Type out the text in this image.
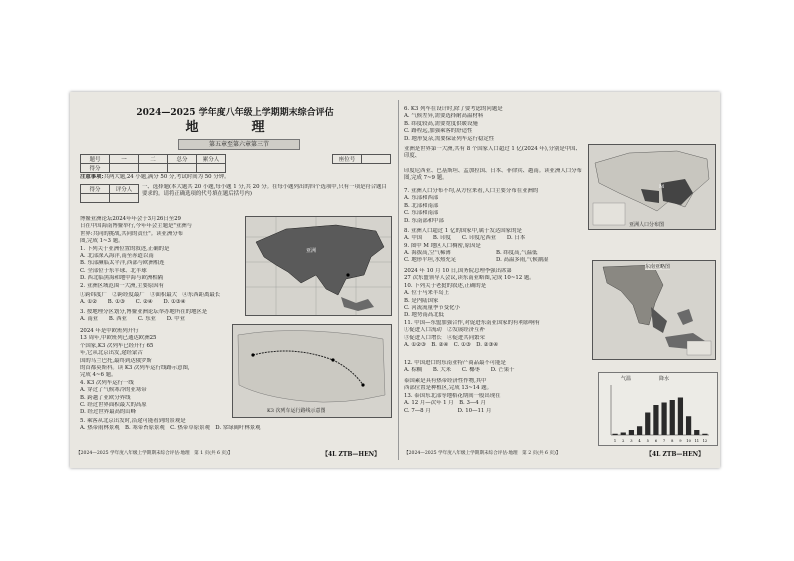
2024—2025 学年度八年级上学期期末综合评估
地　理
第五章至第六章第三节
题号	一	二	总分	累分人
得分				
座位号	
注意事项:共两大题,24 小题,满分 50 分,考试时间为 50 分钟。
得分	评分人
	一、选择题(本大题共 20 小题,每小题 1 分,共 20 分。在每小题列出的四个选项中,只有一项是符合题目要求的。请将正确选项的代号填在题后括号内)

博鳌亚洲论坛2024年年会于3月26日至29

日在中国海南博鳌举行,今年年会主题是"亚洲与

世界:共同的挑战,共同的责任"。读亚洲分布

图,完成 1~3 题。

1. 下列关于亚洲位置的叙述,正确的是

A. 北部深入海洋,南至赤道以南

B. 东部濒临太平洋,西部与欧洲相连

C. 全部位于东半球、北半球

D. 西北临黑海和地中海与欧洲相隔

2. 亚洲区域范围一大洲,主要原因有

亚洲

①跨纬度广　②跨经度最广　③面积最大　④东西距离最长

A. ①②　　B. ①③　　C. ②④　　D. ①③④

3. 按地理分区划分,博鳌亚洲论坛举办地所在的地区是

A. 南亚　　B. 西亚　　C. 东亚　　D. 中亚

2024 年是中欧班列开行

13 周年,中欧班列已通达欧洲25

个国家,K3 次列车已经开行 65

年,它从北京出发,途经蒙古

国的乌兰巴托,最终到达俄罗斯

的首都莫斯科。读 K3 次列车运行线路示意图,

完成 4~6 题。

4. K3 次列车运行一线

A. 穿过了气候寒冷的亚寒带

B. 跨越了亚欧分界线

C. 经过世界面积最大的高原

D. 经过世界最高的山峰	K3 次列车运行路线示意图

5. 乘客从北京出发时,沿途可能看到的景观是

A. 热带雨林景观　B. 寒带苔原景观　C. 热带草原景观　D. 常绿阔叶林景观

【2024—2025 学年度八年级上学期期末综合评估·地理　第 1 页(共 6 页)】	【4L ZTB—HEN】

6. K3 列车在设计时,除了要考虑的问题是

A. 气候差异,需要选择耐高温材料

B. 纬度较高,需要宽度供暖设施

C. 路程远,加强乘客的舒适性

D. 地形复杂,需要保证列车运行稳定性

亚洲是世界第一大洲,共有 8 个国家人口超过 1 亿(2024 年),分别是中国、印度、

印度尼西亚、巴基斯坦、孟加拉国、日本、菲律宾、越南。读亚洲人口分布图,完成 7~9 题。

M
亚洲人口分布图

7. 亚洲人口分布不均,从方位来看,人口主要分布在亚洲的

A. 东部和西部

B. 北部和南部

C. 东部和南部

D. 东南部和中部

8. 亚洲人口超过 1 亿的国家中,属于发达国家的是

A. 中国　　B. 印度　　C. 印度尼西亚　　D. 日本

9. 图中 M 地区人口稠密,原因是

A. 海拔高,空气稀薄

C. 地形平坦,水热充足

B. 纬度高,气温低

D. 高温多雨,气候潮湿

2024 年 10 月 10 日,国务院总理李强出席第

27 次东盟领导人会议,读东南亚略图,完成 10~12 题。

10. 下列关于老挝的叙述,正确的是

A. 位于马来半岛上

B. 是内陆国家

C. 河流流量季节变化小

D. 地势南高北低

11. 中国—东盟加强合作,对促进东南亚国家的有利影响有

①促进人口流动　②发展经济互补

③促进人口增长　④促进共同繁荣

A. ①②③　B. ②④　C. ①③　D. ②③④

东南亚略图

12. 中国进口的东南亚特产商品最不可能是

A. 棕榈　　B. 大米　　C. 椰枣　　D. 芒果干

泰国素是具有热带经济性作物,其中

西部位置是种植区,完成 13~14 题。

13. 泰国东北部等地稻花期间一般出现在

A. 12 月—次年 1 月　B. 3—4 月

C. 7—8 月　　　　　D. 10—11 月

1 2 3 4 5 6 7 8 9 10 11 12
气温	降水
【2024—2025 学年度八年级上学期期末综合评估·地理　第 2 页(共 6 页)】	【4L ZTB—HEN】
